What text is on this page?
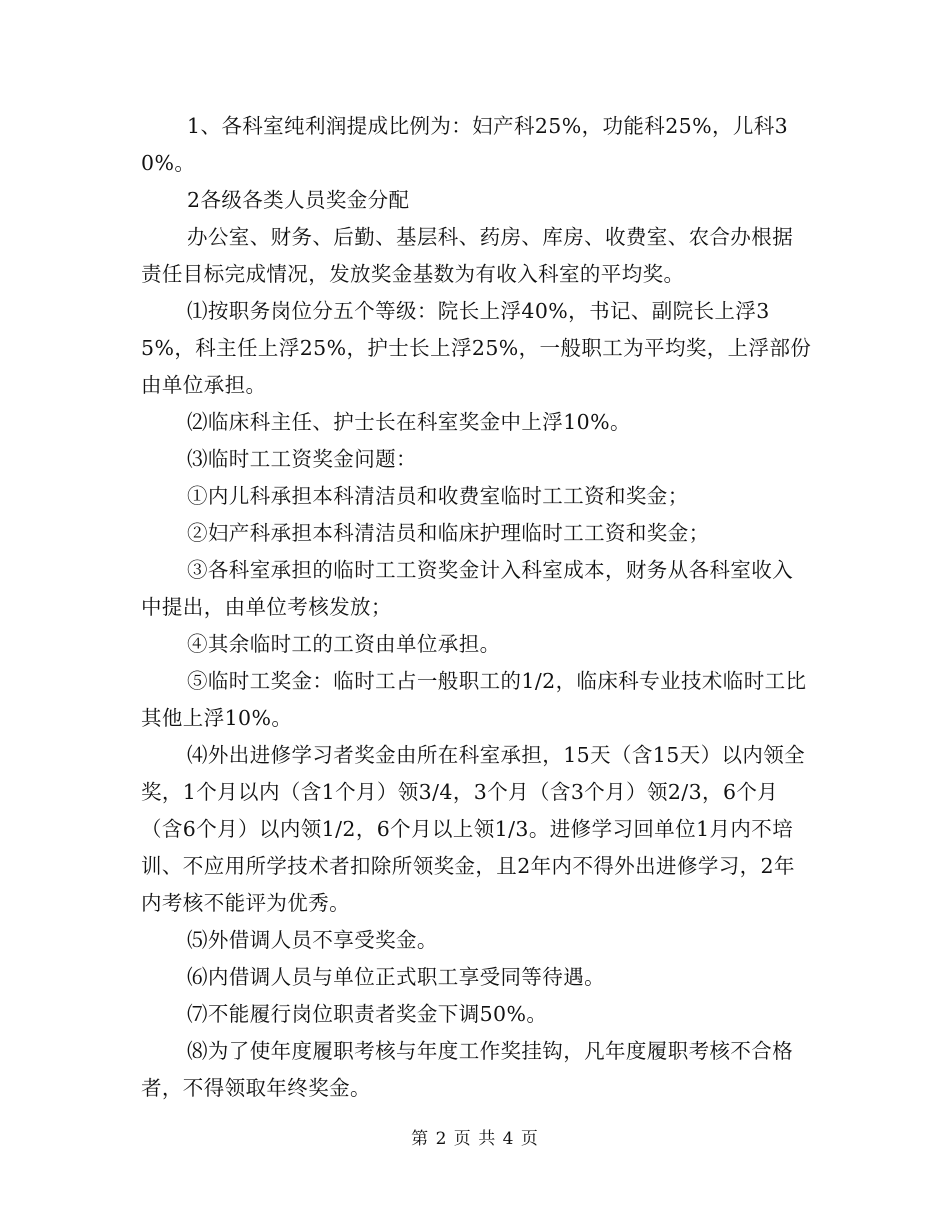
1、各科室纯利润提成比例为：妇产科25%，功能科25%，儿科30%。

2各级各类人员奖金分配

办公室、财务、后勤、基层科、药房、库房、收费室、农合办根据责任目标完成情况，发放奖金基数为有收入科室的平均奖。

⑴按职务岗位分五个等级：院长上浮40%，书记、副院长上浮35%，科主任上浮25%，护士长上浮25%，一般职工为平均奖，上浮部份由单位承担。

⑵临床科主任、护士长在科室奖金中上浮10%。

⑶临时工工资奖金问题：

①内儿科承担本科清洁员和收费室临时工工资和奖金；

②妇产科承担本科清洁员和临床护理临时工工资和奖金；

③各科室承担的临时工工资奖金计入科室成本，财务从各科室收入中提出，由单位考核发放；

④其余临时工的工资由单位承担。

⑤临时工奖金：临时工占一般职工的1/2，临床科专业技术临时工比其他上浮10%。

⑷外出进修学习者奖金由所在科室承担，15天（含15天）以内领全奖，1个月以内（含1个月）领3/4，3个月（含3个月）领2/3，6个月（含6个月）以内领1/2，6个月以上领1/3。进修学习回单位1月内不培训、不应用所学技术者扣除所领奖金，且2年内不得外出进修学习，2年内考核不能评为优秀。

⑸外借调人员不享受奖金。

⑹内借调人员与单位正式职工享受同等待遇。

⑺不能履行岗位职责者奖金下调50%。

⑻为了使年度履职考核与年度工作奖挂钩，凡年度履职考核不合格者，不得领取年终奖金。

第 2 页 共 4 页
